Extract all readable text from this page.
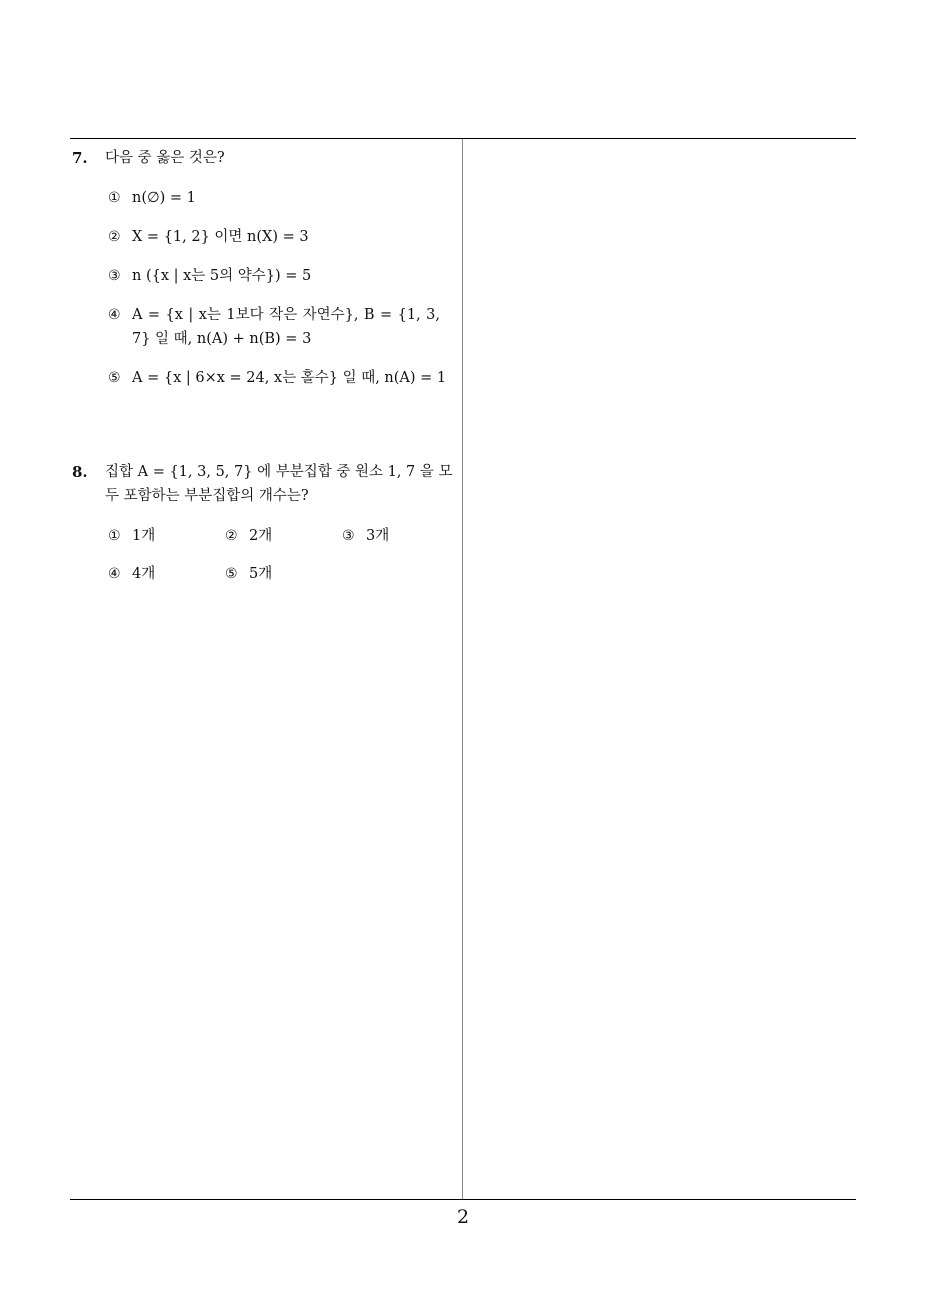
7. 다음 중 옳은 것은?
① n(∅) = 1
② X = {1, 2} 이면 n(X) = 3
③ n ({x | x는 5의 약수}) = 5
④ A = {x | x는 1보다 작은 자연수}, B = {1, 3, 7} 일 때, n(A) + n(B) = 3
⑤ A = {x | 6×x = 24, x는 홀수} 일 때, n(A) = 1
8. 집합 A = {1, 3, 5, 7} 에 부분집합 중 원소 1, 7 을 모두 포함하는 부분집합의 개수는?
① 1개	② 2개	③ 3개
④ 4개	⑤ 5개
2
